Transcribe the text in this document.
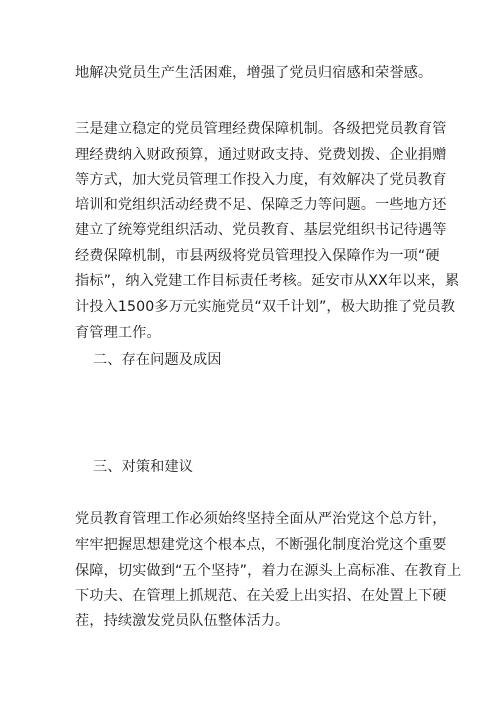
地解决党员生产生活困难，增强了党员归宿感和荣誉感。
三是建立稳定的党员管理经费保障机制。各级把党员教育管
理经费纳入财政预算，通过财政支持、党费划拨、企业捐赠
等方式，加大党员管理工作投入力度，有效解决了党员教育
培训和党组织活动经费不足、保障乏力等问题。一些地方还
建立了统筹党组织活动、党员教育、基层党组织书记待遇等
经费保障机制，市县两级将党员管理投入保障作为一项“硬
指标”，纳入党建工作目标责任考核。延安市从XX年以来，累
计投入1500多万元实施党员“双千计划”，极大助推了党员教
育管理工作。
二、存在问题及成因
三、对策和建议
党员教育管理工作必须始终坚持全面从严治党这个总方针，
牢牢把握思想建党这个根本点，不断强化制度治党这个重要
保障，切实做到“五个坚持”，着力在源头上高标准、在教育上
下功夫、在管理上抓规范、在关爱上出实招、在处置上下硬
茬，持续激发党员队伍整体活力。
